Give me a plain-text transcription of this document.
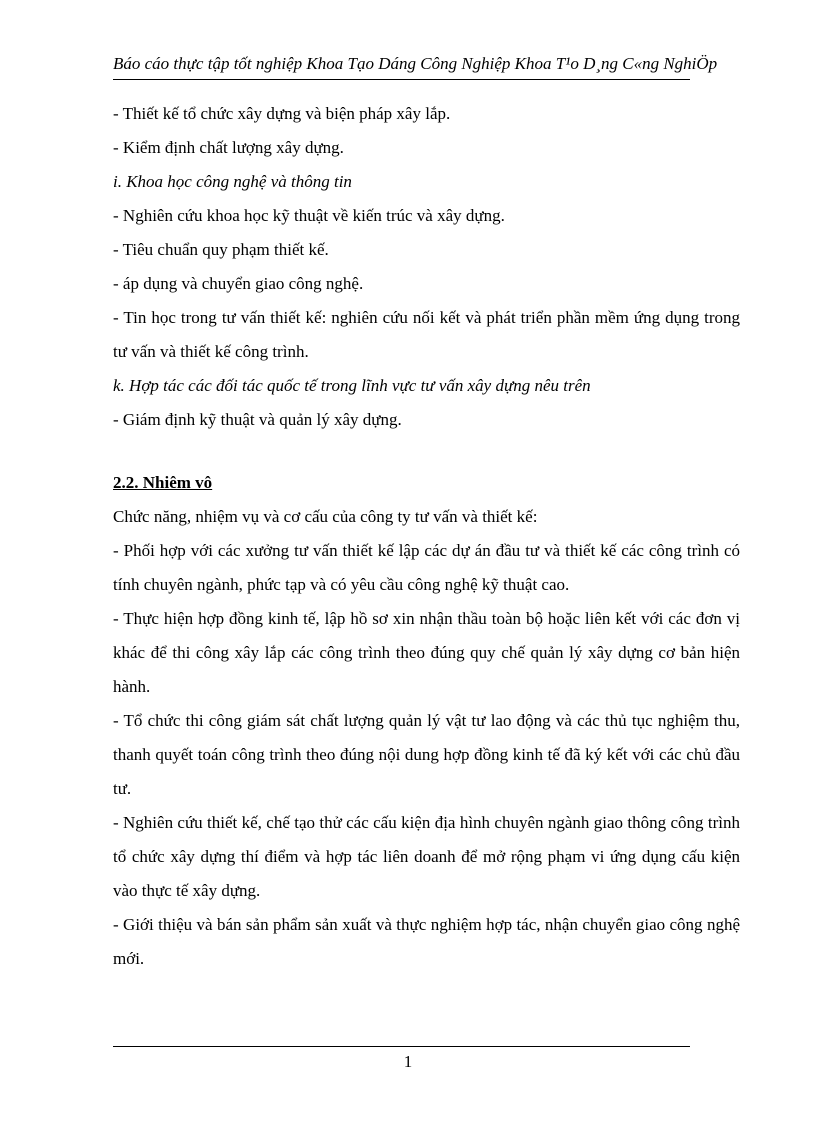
Báo cáo thực tập tốt nghiệp Khoa Tạo Dáng Công Nghiệp Khoa T¹o D¸ng C«ng NghiÖp

- Thiết kế tổ chức xây dựng và biện pháp xây lắp.

- Kiểm định chất lượng xây dựng.

i. Khoa học công nghệ và thông tin

- Nghiên cứu khoa học kỹ thuật về kiến trúc và xây dựng.

- Tiêu chuẩn quy phạm thiết kế.

- áp dụng và chuyển giao công nghệ.

- Tin học trong tư vấn thiết kế: nghiên cứu nối kết và phát triển phần mềm ứng dụng trong tư vấn và thiết kế công trình.

k. Hợp tác các đối tác quốc tế trong lĩnh vực tư vấn xây dựng nêu trên

- Giám định kỹ thuật và quản lý xây dựng.

2.2. Nhiêm vô

Chức năng, nhiệm vụ và cơ cấu của công ty tư vấn và thiết kế:

- Phối hợp với các xưởng tư vấn thiết kế lập các dự án đầu tư và thiết kế các công trình có tính chuyên ngành, phức tạp và có yêu cầu công nghệ kỹ thuật cao.

- Thực hiện hợp đồng kinh tế, lập hồ sơ xin nhận thầu toàn bộ hoặc liên kết với các đơn vị khác để thi công xây lắp các công trình theo đúng quy chế quản lý xây dựng cơ bản hiện hành.

- Tổ chức thi công giám sát chất lượng quản lý vật tư lao động và các thủ tục nghiệm thu, thanh quyết toán công trình theo đúng nội dung hợp đồng kinh tế đã ký kết với các chủ đầu tư.

- Nghiên cứu thiết kế, chế tạo thử các cấu kiện địa hình chuyên ngành giao thông công trình tổ chức xây dựng thí điểm và hợp tác liên doanh để mở rộng phạm vi ứng dụng cấu kiện vào thực tế xây dựng.

- Giới thiệu và bán sản phẩm sản xuất và thực nghiệm hợp tác, nhận chuyển giao công nghệ mới.

1
